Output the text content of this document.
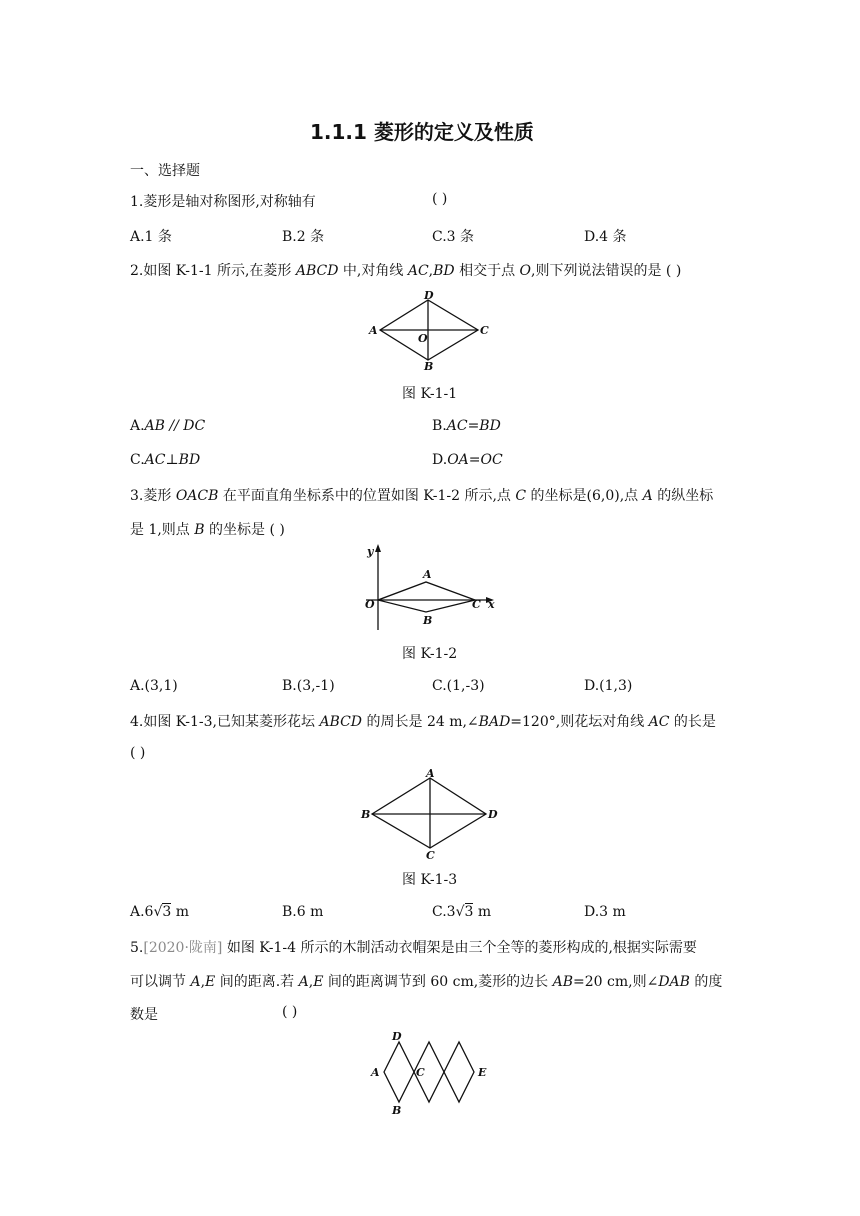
1.1.1 菱形的定义及性质
一、选择题
1.菱形是轴对称图形,对称轴有	( )
A.1 条	B.2 条	C.3 条	D.4 条
2.如图 K-1-1 所示,在菱形 ABCD 中,对角线 AC,BD 相交于点 O,则下列说法错误的是 ( )
D
A	C
O
B
图 K-1-1
A.AB // DC	B.AC=BD
C.AC⊥BD	D.OA=OC
3.菱形 OACB 在平面直角坐标系中的位置如图 K-1-2 所示,点 C 的坐标是(6,0),点 A 的纵坐标
是 1,则点 B 的坐标是 ( )
y
O
A
B
C x
图 K-1-2
A.(3,1)	B.(3,-1)	C.(1,-3)	D.(1,3)
4.如图 K-1-3,已知某菱形花坛 ABCD 的周长是 24 m,∠BAD=120°,则花坛对角线 AC 的长是
( )
A
B	D
C
图 K-1-3
A.6√3 m	B.6 m	C.3√3 m	D.3 m
5.[2020·陇南] 如图 K-1-4 所示的木制活动衣帽架是由三个全等的菱形构成的,根据实际需要
可以调节 A,E 间的距离.若 A,E 间的距离调节到 60 cm,菱形的边长 AB=20 cm,则∠DAB 的度
数是	( )
D
A	C	E
B
